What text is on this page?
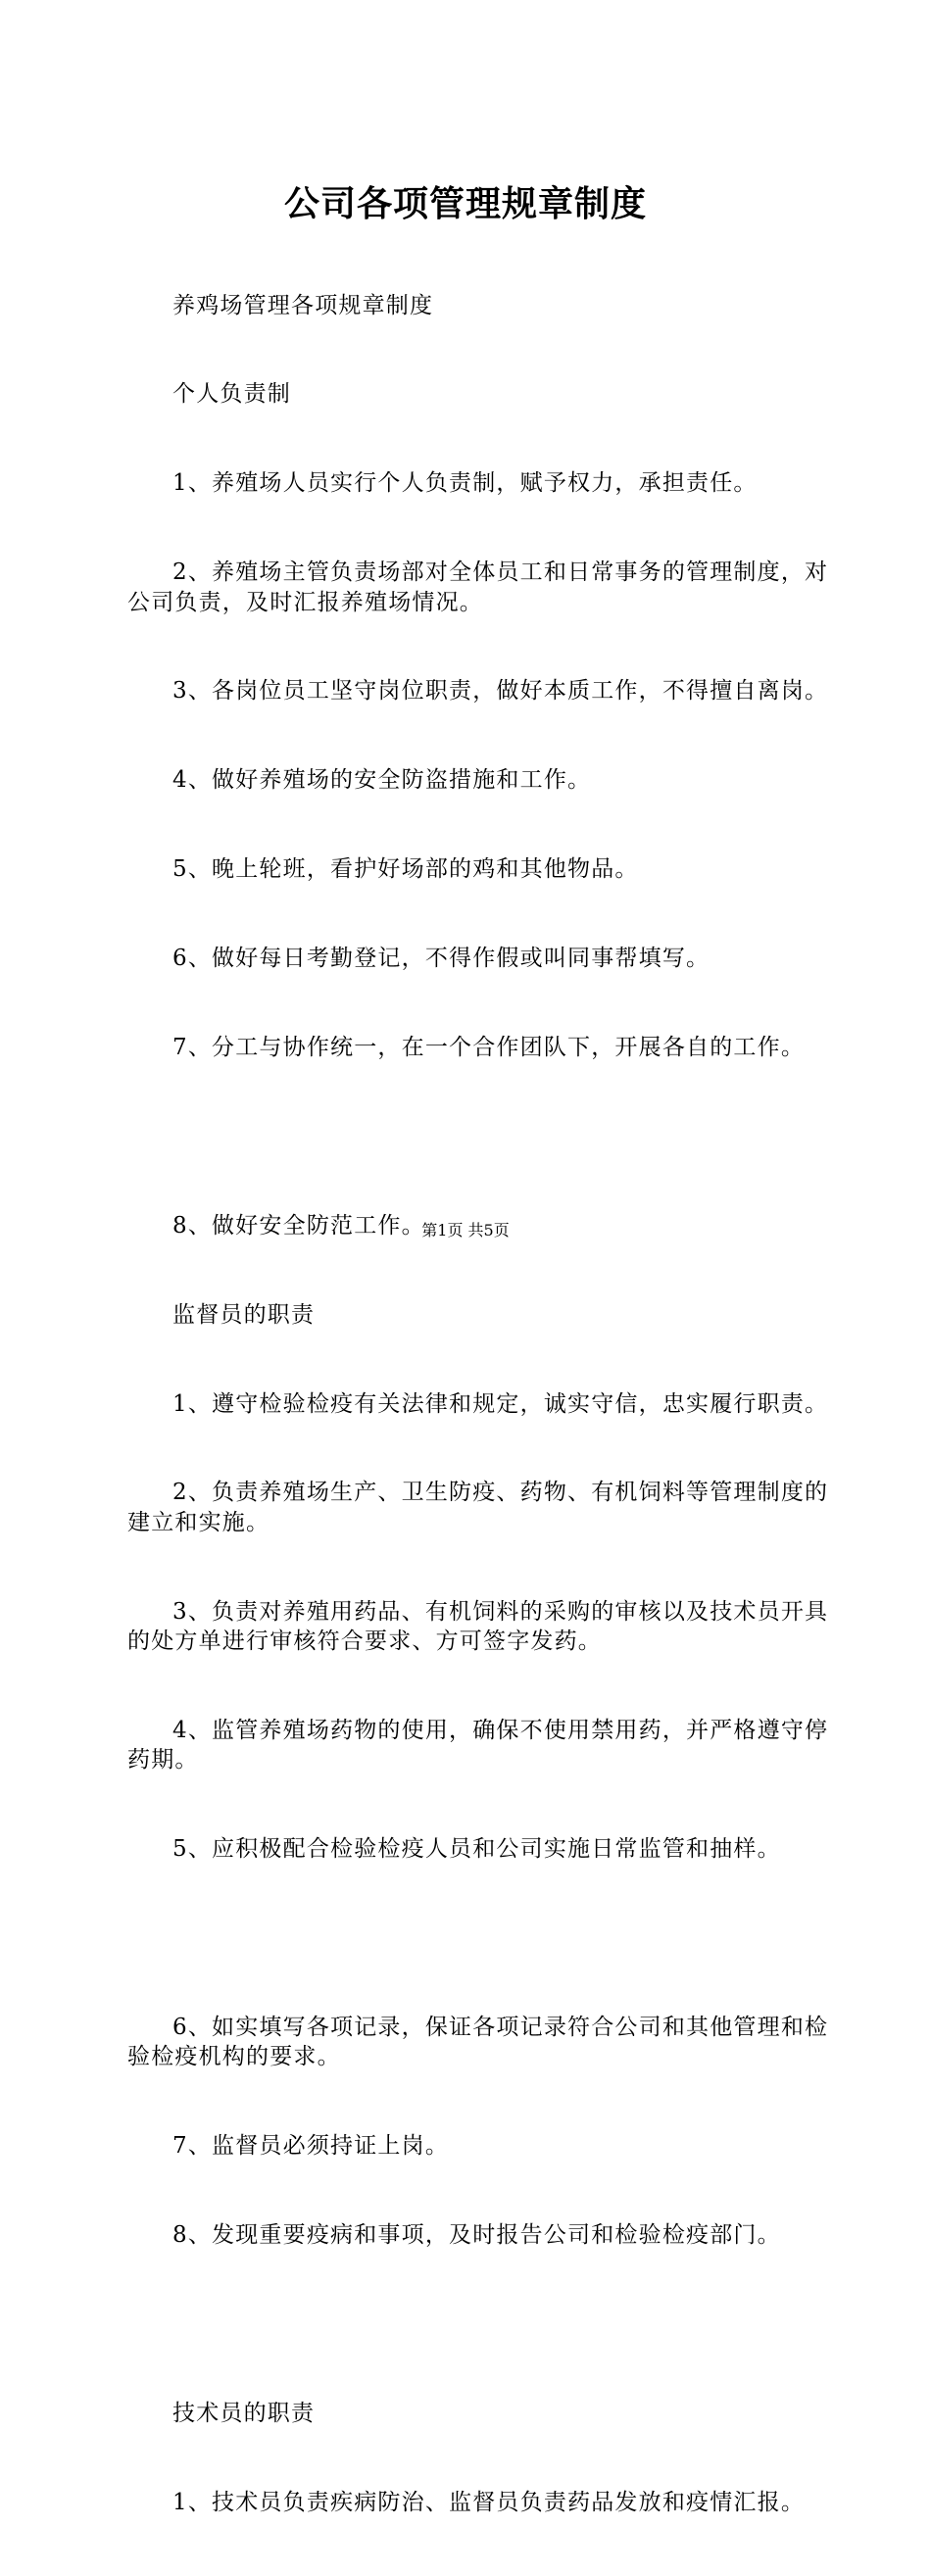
公司各项管理规章制度

养鸡场管理各项规章制度

个人负责制

1、养殖场人员实行个人负责制，赋予权力，承担责任。

2、养殖场主管负责场部对全体员工和日常事务的管理制度，对公司负责，及时汇报养殖场情况。

3、各岗位员工坚守岗位职责，做好本质工作，不得擅自离岗。

4、做好养殖场的安全防盗措施和工作。

5、晚上轮班，看护好场部的鸡和其他物品。

6、做好每日考勤登记，不得作假或叫同事帮填写。

7、分工与协作统一，在一个合作团队下，开展各自的工作。

8、做好安全防范工作。

监督员的职责

1、遵守检验检疫有关法律和规定，诚实守信，忠实履行职责。

2、负责养殖场生产、卫生防疫、药物、有机饲料等管理制度的建立和实施。

3、负责对养殖用药品、有机饲料的采购的审核以及技术员开具的处方单进行审核符合要求、方可签字发药。

4、监管养殖场药物的使用，确保不使用禁用药，并严格遵守停药期。

5、应积极配合检验检疫人员和公司实施日常监管和抽样。

6、如实填写各项记录，保证各项记录符合公司和其他管理和检验检疫机构的要求。

7、监督员必须持证上岗。

8、发现重要疫病和事项，及时报告公司和检验检疫部门。

技术员的职责

1、技术员负责疾病防治、监督员负责药品发放和疫情汇报。

第1页 共5页
